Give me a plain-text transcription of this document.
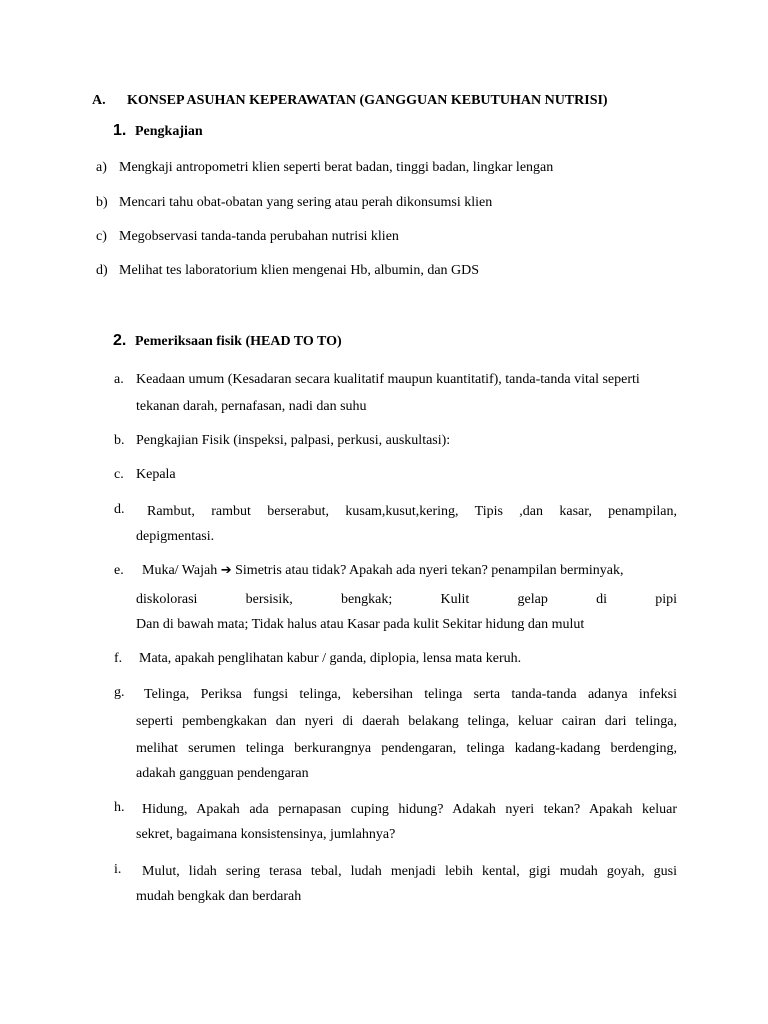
A. KONSEP ASUHAN KEPERAWATAN (GANGGUAN KEBUTUHAN NUTRISI)
1. Pengkajian
a) Mengkaji antropometri klien seperti berat badan, tinggi badan, lingkar lengan
b) Mencari tahu obat-obatan yang sering atau perah dikonsumsi klien
c) Megobservasi tanda-tanda perubahan nutrisi klien
d) Melihat tes laboratorium klien mengenai Hb, albumin, dan GDS
2. Pemeriksaan fisik (HEAD TO TO)
a. Keadaan umum (Kesadaran secara kualitatif maupun kuantitatif), tanda-tanda vital seperti
tekanan darah, pernafasan, nadi dan suhu
b. Pengkajian Fisik (inspeksi, palpasi, perkusi, auskultasi):
c. Kepala
d.	Rambut, rambut berserabut, kusam,kusut,kering, Tipis ,dan kasar, penampilan,
depigmentasi.
e. Muka/ Wajah ➔ Simetris atau tidak? Apakah ada nyeri tekan? penampilan berminyak,
diskolorasi bersisik, bengkak; Kulit gelap di pipi
Dan di bawah mata; Tidak halus atau Kasar pada kulit Sekitar hidung dan mulut
f. Mata, apakah penglihatan kabur / ganda, diplopia, lensa mata keruh.
g.	Telinga, Periksa fungsi telinga, kebersihan telinga serta tanda-tanda adanya infeksi
seperti pembengkakan dan nyeri di daerah belakang telinga, keluar cairan dari telinga,
melihat serumen telinga berkurangnya pendengaran, telinga kadang-kadang berdenging,
adakah gangguan pendengaran
h.	Hidung, Apakah ada pernapasan cuping hidung? Adakah nyeri tekan? Apakah keluar
sekret, bagaimana konsistensinya, jumlahnya?
i.	Mulut, lidah sering terasa tebal, ludah menjadi lebih kental, gigi mudah goyah, gusi
mudah bengkak dan berdarah
